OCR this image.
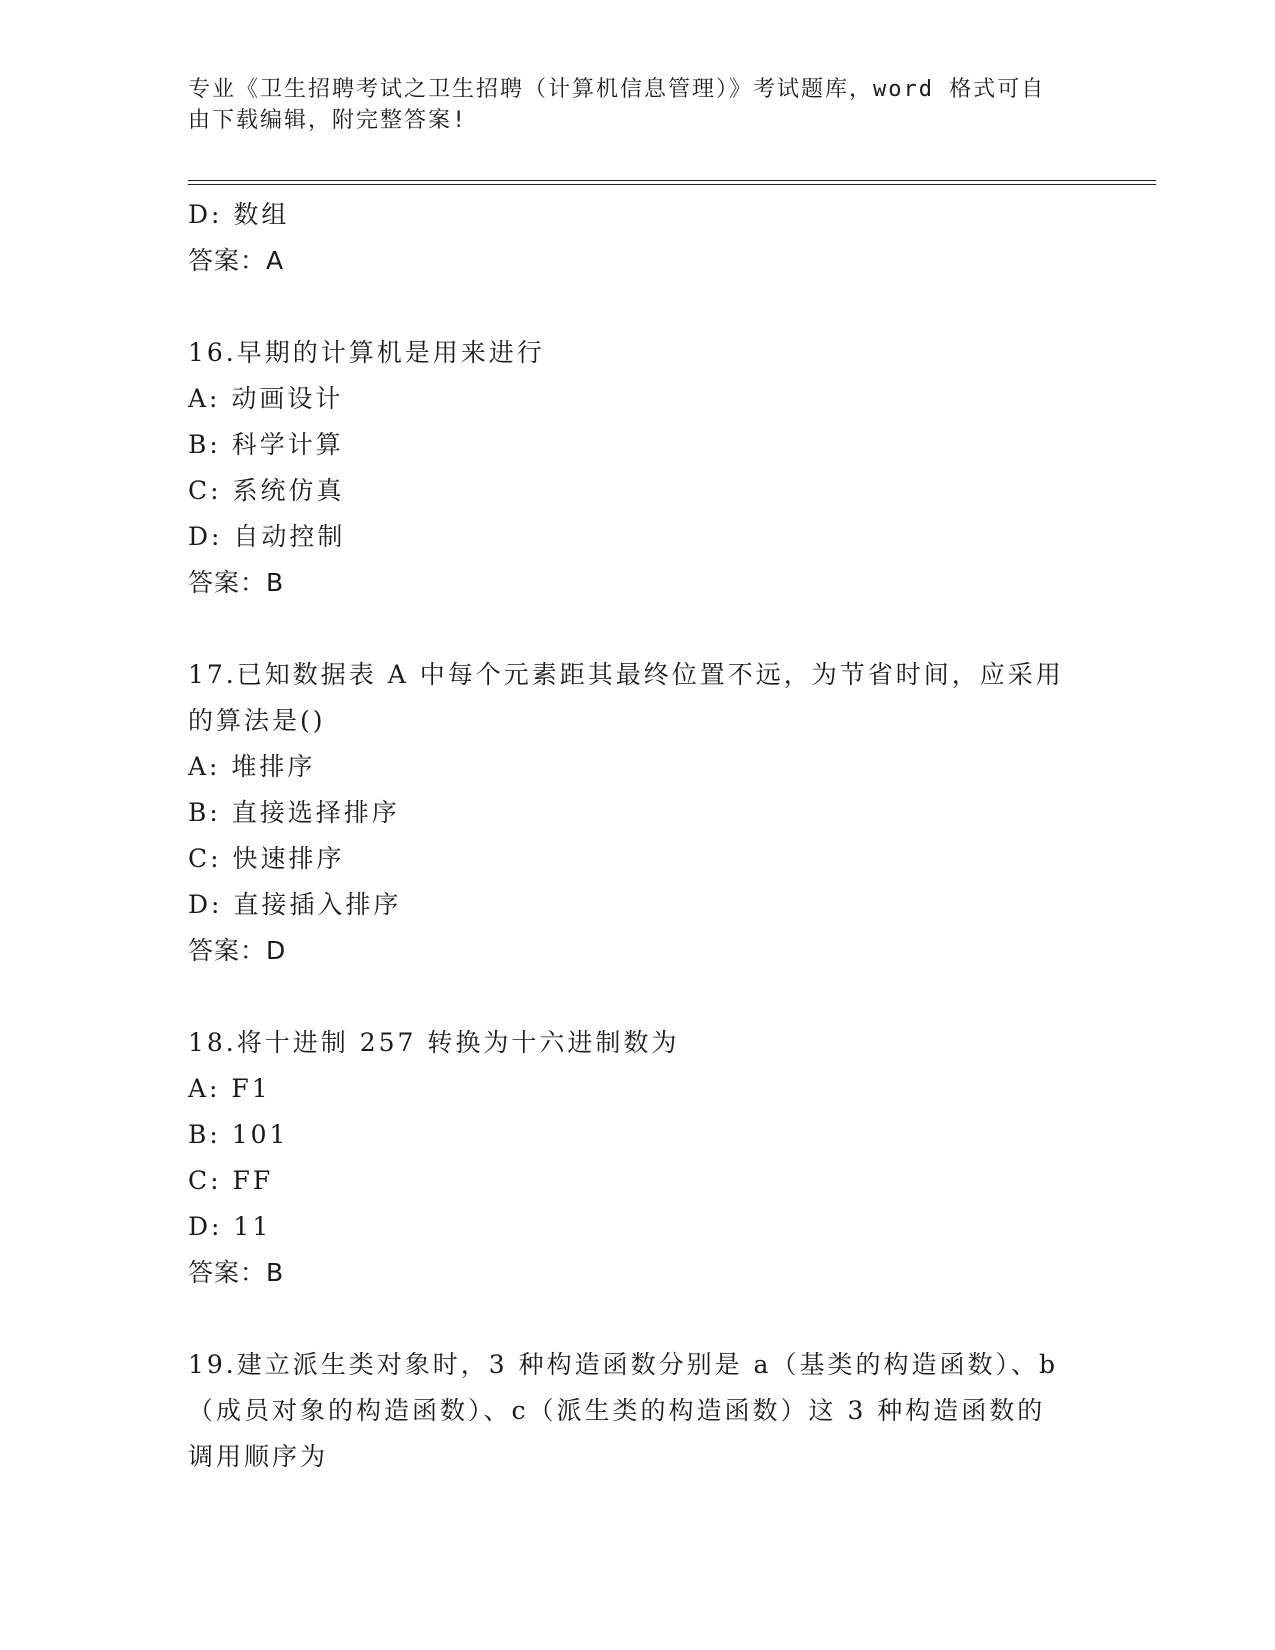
专业《卫生招聘考试之卫生招聘（计算机信息管理）》考试题库，word 格式可自
由下载编辑，附完整答案!
D: 数组
答案：A
16.早期的计算机是用来进行
A: 动画设计
B: 科学计算
C: 系统仿真
D: 自动控制
答案：B
17.已知数据表 A 中每个元素距其最终位置不远，为节省时间，应采用
的算法是()
A: 堆排序
B: 直接选择排序
C: 快速排序
D: 直接插入排序
答案：D
18.将十进制 257 转换为十六进制数为
A: F1
B: 101
C: FF
D: 11
答案：B
19.建立派生类对象时，3 种构造函数分别是 a（基类的构造函数）、b
（成员对象的构造函数）、c（派生类的构造函数）这 3 种构造函数的
调用顺序为
